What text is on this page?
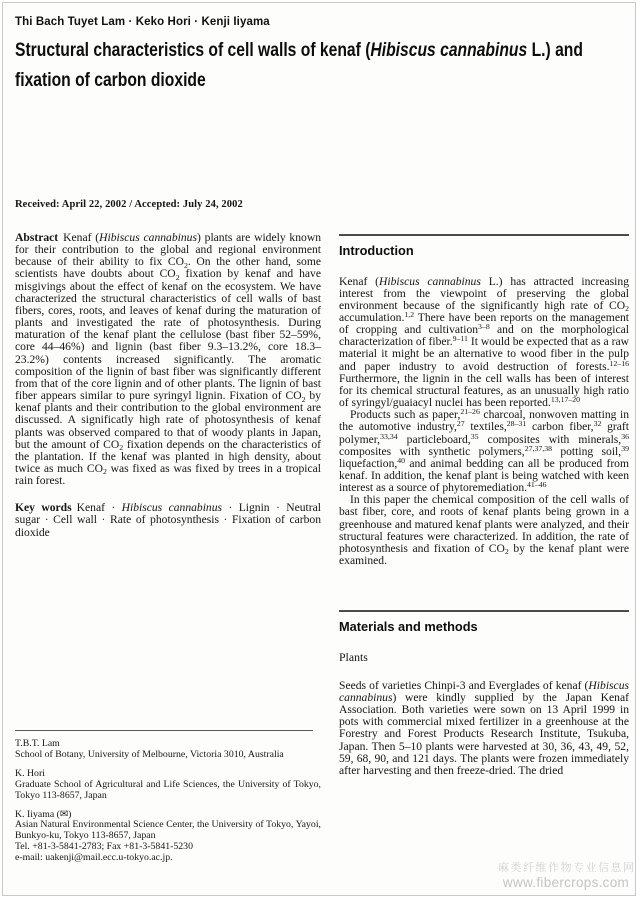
Thi Bach Tuyet Lam · Keko Hori · Kenji Iiyama
Structural characteristics of cell walls of kenaf (Hibiscus cannabinus L.) and fixation of carbon dioxide
Received: April 22, 2002 / Accepted: July 24, 2002

Abstract Kenaf (Hibiscus cannabinus) plants are widely known for their contribution to the global and regional environment because of their ability to fix $CO_2$. On the other hand, some scientists have doubts about $CO_2$ fixation by kenaf and have misgivings about the effect of kenaf on the ecosystem. We have characterized the structural characteristics of cell walls of bast fibers, cores, roots, and leaves of kenaf during the maturation of plants and investigated the rate of photosynthesis. During maturation of the kenaf plant the cellulose (bast fiber 52–59%, core 44–46%) and lignin (bast fiber 9.3–13.2%, core 18.3–23.2%) contents increased significantly. The aromatic composition of the lignin of bast fiber was significantly different from that of the core lignin and of other plants. The lignin of bast fiber appears similar to pure syringyl lignin. Fixation of $CO_2$ by kenaf plants and their contribution to the global environment are discussed. A significatly high rate of photosynthesis of kenaf plants was observed compared to that of woody plants in Japan, but the amount of $CO_2$ fixation depends on the characteristics of the plantation. If the kenaf was planted in high density, about twice as much $CO_2$ was fixed as was fixed by trees in a tropical rain forest.

Key words Kenaf · Hibiscus cannabinus · Lignin · Neutral sugar · Cell wall · Rate of photosynthesis · Fixation of carbon dioxide

T.B.T. Lam
School of Botany, University of Melbourne, Victoria 3010, Australia
K. Hori
Graduate School of Agricultural and Life Sciences, the University of Tokyo, Tokyo 113-8657, Japan
K. Iiyama (✉)
Asian Natural Environmental Science Center, the University of Tokyo, Yayoi, Bunkyo-ku, Tokyo 113-8657, Japan
Tel. +81-3-5841-2783; Fax +81-3-5841-5230
e-mail: uakenji@mail.ecc.u-tokyo.ac.jp.
Introduction

Kenaf (Hibiscus cannabinus L.) has attracted increasing interest from the viewpoint of preserving the global environment because of the significantly high rate of $CO_2$ accumulation.$^{1,2}$ There have been reports on the management of cropping and cultivation$^{3-8}$ and on the morphological characterization of fiber.$^{9-11}$ It would be expected that as a raw material it might be an alternative to wood fiber in the pulp and paper industry to avoid destruction of forests.$^{12-16}$ Furthermore, the lignin in the cell walls has been of interest for its chemical structural features, as an unusually high ratio of syringyl/guaiacyl nuclei has been reported.$^{13,17-20}$

Products such as paper,$^{21-26}$ charcoal, nonwoven matting in the automotive industry,$^{27}$ textiles,$^{28-31}$ carbon fiber,$^{32}$ graft polymer,$^{33,34}$ particleboard,$^{35}$ composites with minerals,$^{36}$ composites with synthetic polymers,$^{27,37,38}$ potting soil,$^{39}$ liquefaction,$^{40}$ and animal bedding can all be produced from kenaf. In addition, the kenaf plant is being watched with keen interest as a source of phytoremediation.$^{41-46}$

In this paper the chemical composition of the cell walls of bast fiber, core, and roots of kenaf plants being grown in a greenhouse and matured kenaf plants were analyzed, and their structural features were characterized. In addition, the rate of photosynthesis and fixation of $CO_2$ by the kenaf plant were examined.

Materials and methods
Plants

Seeds of varieties Chinpi-3 and Everglades of kenaf (Hibiscus cannabinus) were kindly supplied by the Japan Kenaf Association. Both varieties were sown on 13 April 1999 in pots with commercial mixed fertilizer in a greenhouse at the Forestry and Forest Products Research Institute, Tsukuba, Japan. Then 5–10 plants were harvested at 30, 36, 43, 49, 52, 59, 68, 90, and 121 days. The plants were frozen immediately after harvesting and then freeze-dried. The dried

麻类纤维作物专业信息网
www.fibercrops.com
